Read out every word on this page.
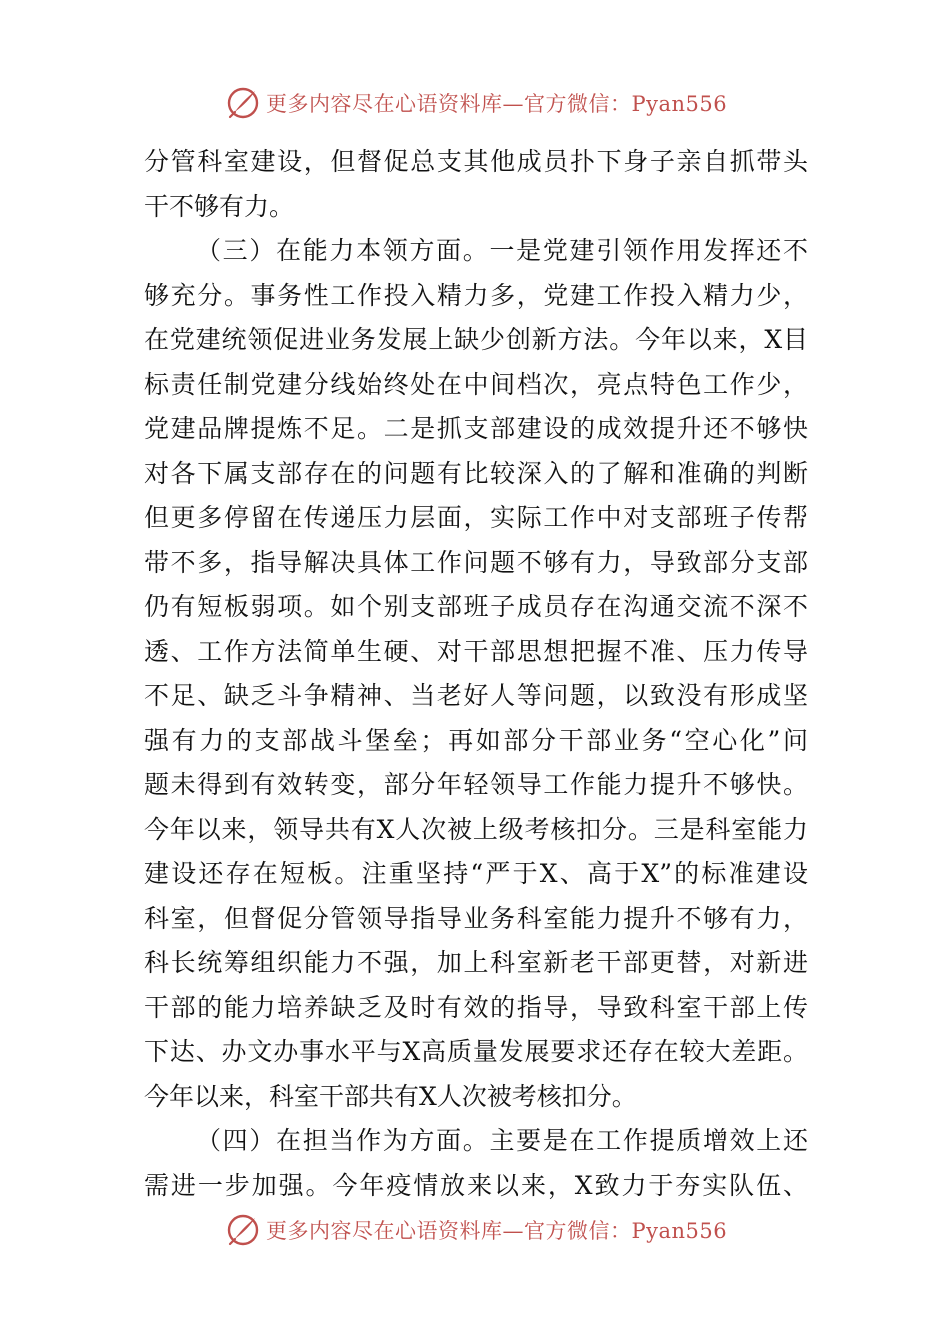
更多内容尽在心语资料库—官方微信：Pyan556
分管科室建设，但督促总支其他成员扑下身子亲自抓带头
干不够有力。
（三）在能力本领方面。一是党建引领作用发挥还不
够充分。事务性工作投入精力多，党建工作投入精力少，
在党建统领促进业务发展上缺少创新方法。今年以来，X目
标责任制党建分线始终处在中间档次，亮点特色工作少，
党建品牌提炼不足。二是抓支部建设的成效提升还不够快
对各下属支部存在的问题有比较深入的了解和准确的判断
但更多停留在传递压力层面，实际工作中对支部班子传帮
带不多，指导解决具体工作问题不够有力，导致部分支部
仍有短板弱项。如个别支部班子成员存在沟通交流不深不
透、工作方法简单生硬、对干部思想把握不准、压力传导
不足、缺乏斗争精神、当老好人等问题，以致没有形成坚
强有力的支部战斗堡垒；再如部分干部业务“空心化”问
题未得到有效转变，部分年轻领导工作能力提升不够快。
今年以来，领导共有X人次被上级考核扣分。三是科室能力
建设还存在短板。注重坚持“严于X、高于X”的标准建设
科室，但督促分管领导指导业务科室能力提升不够有力，
科长统筹组织能力不强，加上科室新老干部更替，对新进
干部的能力培养缺乏及时有效的指导，导致科室干部上传
下达、办文办事水平与X高质量发展要求还存在较大差距。
今年以来，科室干部共有X人次被考核扣分。
（四）在担当作为方面。主要是在工作提质增效上还
需进一步加强。今年疫情放来以来，X致力于夯实队伍、
更多内容尽在心语资料库—官方微信：Pyan556
